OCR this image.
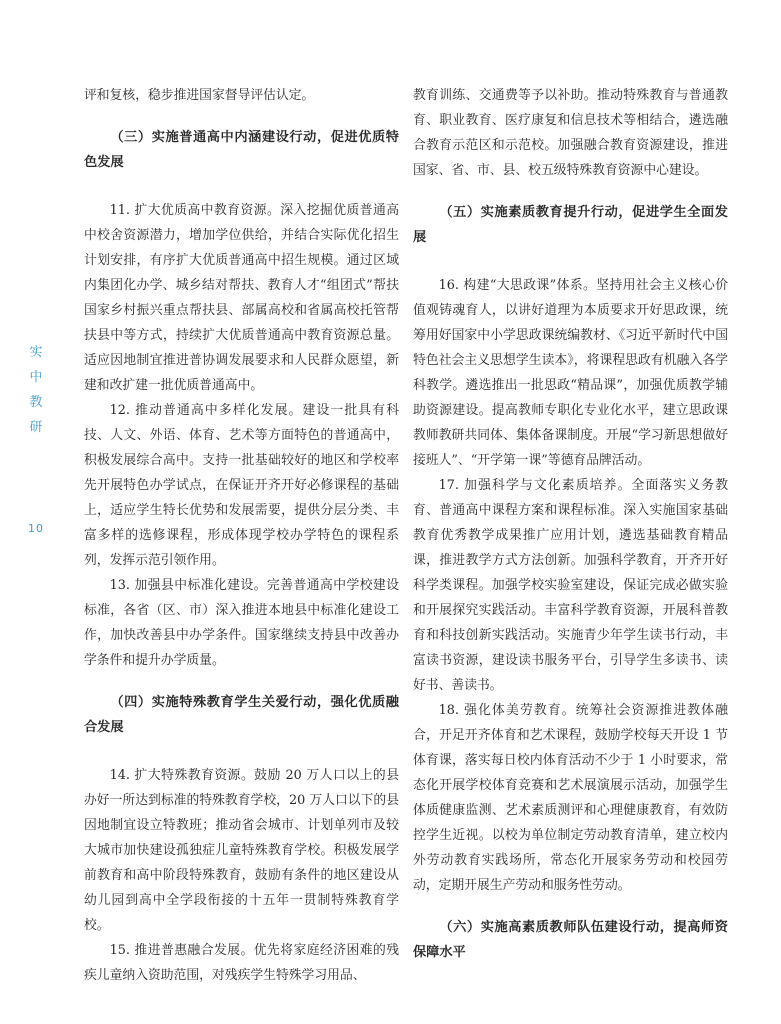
实
中
教
研
10

评和复核，稳步推进国家督导评估认定。

（三）实施普通高中内涵建设行动，促进优质特色发展

11. 扩大优质高中教育资源。深入挖掘优质普通高中校舍资源潜力，增加学位供给，并结合实际优化招生计划安排，有序扩大优质普通高中招生规模。通过区域内集团化办学、城乡结对帮扶、教育人才“组团式”帮扶国家乡村振兴重点帮扶县、部属高校和省属高校托管帮扶县中等方式，持续扩大优质普通高中教育资源总量。适应因地制宜推进普协调发展要求和人民群众愿望，新建和改扩建一批优质普通高中。

12. 推动普通高中多样化发展。建设一批具有科技、人文、外语、体育、艺术等方面特色的普通高中，积极发展综合高中。支持一批基础较好的地区和学校率先开展特色办学试点，在保证开齐开好必修课程的基础上，适应学生特长优势和发展需要，提供分层分类、丰富多样的选修课程，形成体现学校办学特色的课程系列，发挥示范引领作用。

13. 加强县中标准化建设。完善普通高中学校建设标准，各省（区、市）深入推进本地县中标准化建设工作，加快改善县中办学条件。国家继续支持县中改善办学条件和提升办学质量。

（四）实施特殊教育学生关爱行动，强化优质融合发展

14. 扩大特殊教育资源。鼓励 20 万人口以上的县办好一所达到标准的特殊教育学校，20 万人口以下的县因地制宜设立特教班；推动省会城市、计划单列市及较大城市加快建设孤独症儿童特殊教育学校。积极发展学前教育和高中阶段特殊教育，鼓励有条件的地区建设从幼儿园到高中全学段衔接的十五年一贯制特殊教育学校。

15. 推进普惠融合发展。优先将家庭经济困难的残疾儿童纳入资助范围，对残疾学生特殊学习用品、

教育训练、交通费等予以补助。推动特殊教育与普通教育、职业教育、医疗康复和信息技术等相结合，遴选融合教育示范区和示范校。加强融合教育资源建设，推进国家、省、市、县、校五级特殊教育资源中心建设。

（五）实施素质教育提升行动，促进学生全面发展

16. 构建“大思政课”体系。坚持用社会主义核心价值观铸魂育人，以讲好道理为本质要求开好思政课，统筹用好国家中小学思政课统编教材、《习近平新时代中国特色社会主义思想学生读本》，将课程思政有机融入各学科教学。遴选推出一批思政“精品课”，加强优质教学辅助资源建设。提高教师专职化专业化水平，建立思政课教师教研共同体、集体备课制度。开展“学习新思想做好接班人”、“开学第一课”等德育品牌活动。

17. 加强科学与文化素质培养。全面落实义务教育、普通高中课程方案和课程标准。深入实施国家基础教育优秀教学成果推广应用计划，遴选基础教育精品课，推进教学方式方法创新。加强科学教育，开齐开好科学类课程。加强学校实验室建设，保证完成必做实验和开展探究实践活动。丰富科学教育资源，开展科普教育和科技创新实践活动。实施青少年学生读书行动，丰富读书资源，建设读书服务平台，引导学生多读书、读好书、善读书。

18. 强化体美劳教育。统筹社会资源推进教体融合，开足开齐体育和艺术课程，鼓励学校每天开设 1 节体育课，落实每日校内体育活动不少于 1 小时要求，常态化开展学校体育竞赛和艺术展演展示活动，加强学生体质健康监测、艺术素质测评和心理健康教育，有效防控学生近视。以校为单位制定劳动教育清单，建立校内外劳动教育实践场所，常态化开展家务劳动和校园劳动，定期开展生产劳动和服务性劳动。

（六）实施高素质教师队伍建设行动，提高师资保障水平
